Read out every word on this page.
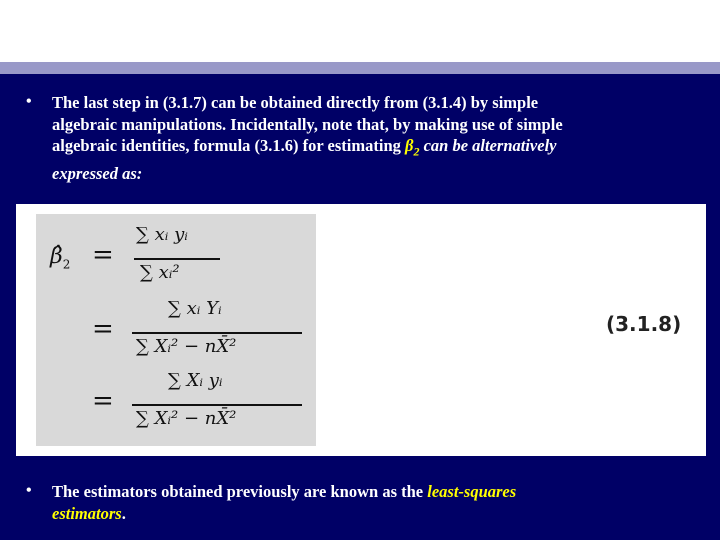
• The last step in (3.1.7) can be obtained directly from (3.1.4) by simple
algebraic manipulations. Incidentally, note that, by making use of simple
algebraic identities, formula (3.1.6) for estimating $\beta_2$ can be alternatively
expressed as:
$\betâ_2$ =
∑ xᵢ yᵢ
∑ xᵢ²
=
∑ xᵢ Yᵢ
∑ Xᵢ² − nX̄²
=
∑ Xᵢ yᵢ
∑ Xᵢ² − nX̄²
(3.1.8)
• The estimators obtained previously are known as the least-squares
estimators.
